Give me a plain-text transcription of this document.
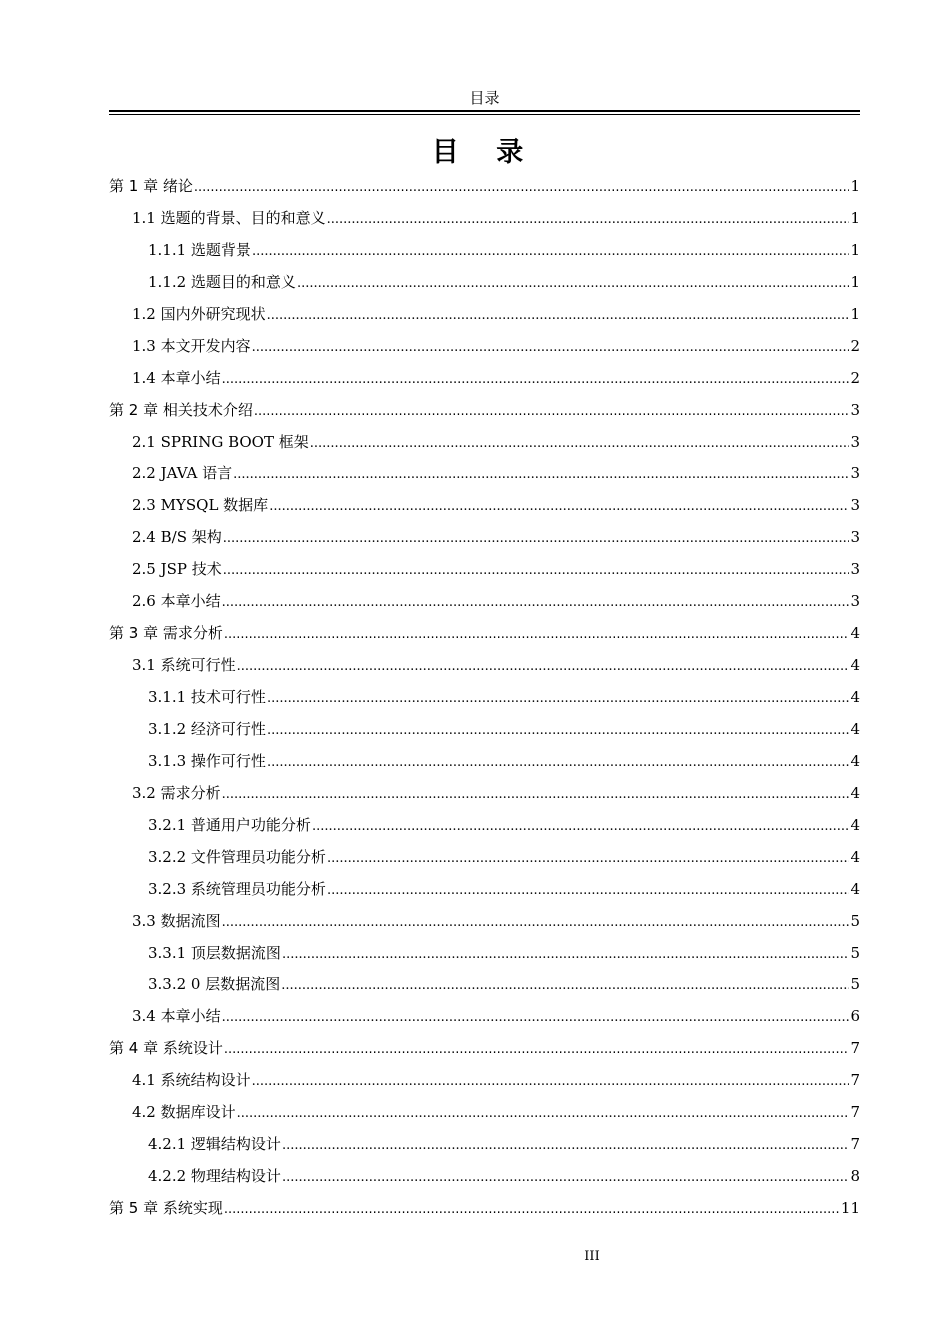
目录
目 录
第 1 章 绪论 .....	1
1.1 选题的背景、目的和意义 .....	1
1.1.1 选题背景 .....	1
1.1.2 选题目的和意义 .....	1
1.2 国内外研究现状 .....	1
1.3 本文开发内容 .....	2
1.4 本章小结 .....	2
第 2 章 相关技术介绍 .....	3
2.1 SPRING BOOT 框架 .....	3
2.2 JAVA 语言 .....	3
2.3 MYSQL 数据库 .....	3
2.4 B/S 架构 .....	3
2.5 JSP 技术 .....	3
2.6 本章小结 .....	3
第 3 章 需求分析 .....	4
3.1 系统可行性 .....	4
3.1.1 技术可行性 .....	4
3.1.2 经济可行性 .....	4
3.1.3 操作可行性 .....	4
3.2 需求分析 .....	4
3.2.1 普通用户功能分析 .....	4
3.2.2 文件管理员功能分析 .....	4
3.2.3 系统管理员功能分析 .....	4
3.3 数据流图 .....	5
3.3.1 顶层数据流图 .....	5
3.3.2 0 层数据流图 .....	5
3.4 本章小结 .....	6
第 4 章 系统设计 .....	7
4.1 系统结构设计 .....	7
4.2 数据库设计 .....	7
4.2.1 逻辑结构设计 .....	7
4.2.2 物理结构设计 .....	8
第 5 章 系统实现 .....	11
III
